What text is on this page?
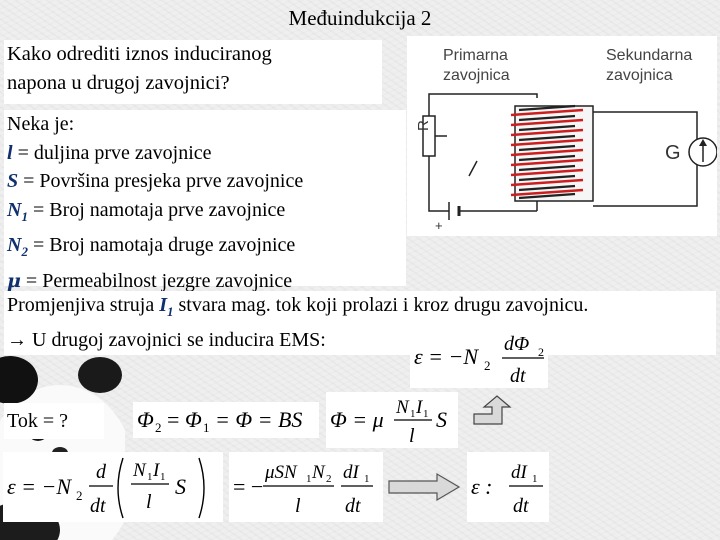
Međuindukcija 2
Kako odrediti iznos induciranog
napona u drugoj zavojnici?
Neka je:
l = duljina prve zavojnice
S = Površina presjeka prve zavojnice
$N_1$ = Broj namotaja prve zavojnice
$N_2$ = Broj namotaja druge zavojnice
μ = Permeabilnost jezgre zavojnice
Primarna
zavojnica
Sekundarna
zavojnica
G
R
+
Promjenjiva struja $I_1$ stvara mag. tok koji prolazi i kroz drugu zavojnicu.
→ U drugoj zavojnici se inducira EMS:
ε = −N 2
dΦ 2
dt
Tok = ?	Φ 2 = Φ 1 = Φ = BS Φ = μ N 1 I 1
l
S
ε = −N 2
d
dt
N 1 I 1
l
S = −
μSN 1 N 2
l
dI 1
dt
ε :
dI 1
dt
